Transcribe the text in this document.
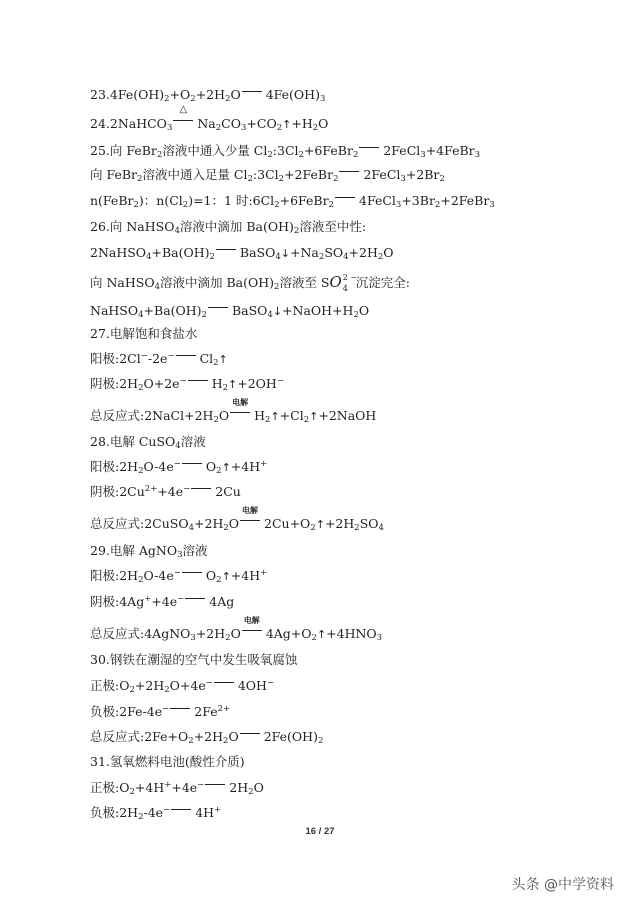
$23.4Fe(OH)_2+O_2+2H_2O$ $4Fe(OH)_3$
24.2NaHCO$_3$
△
$Na_2CO_3+CO_2↑+H_2O$
25.向 FeBr$_2$溶液中通入少量 $Cl_2:3Cl_2+6FeBr_2$ 2FeCl$_3$+4FeBr$_3$
向 FeBr$_2$溶液中通入足量 $Cl_2:3Cl_2+2FeBr_2$ $2FeCl_3+2Br_2$
n(FeBr$_2$)：$n(Cl_2)=1$：1 时$:6Cl_2+6FeBr_2$ $4FeCl_3+3Br_2+2FeBr_3$
26.向 NaHSO$_4$溶液中滴加 $Ba(OH)_2$溶液至中性:
$2NaHSO_4+Ba(OH)_2$ $BaSO_4↓+Na_2SO_4+2H_2O$
向 NaHSO$_4$溶液中滴加 $Ba(OH)_2$溶液至 SO 2 −
4 沉淀完全:
$NaHSO_4+Ba(OH)_2$ $BaSO_4↓+NaOH+H_2O$
27.电解饱和食盐水
阳极:2Cl−-2e− $Cl_2↑$
阴极$:2H_2O+2e^-$ $H_2↑+2OH^-$
总反应式$:2NaCl+2H_2O$
电解
$H_2↑+Cl_2↑+2NaOH$
28.电解 CuSO$_4$溶液
阳极$:2H_2O-4e^-$ $O_2↑+4H^+$
阴极$:2Cu^{2+}+4e^-$ 2Cu
总反应式$:2CuSO_4+2H_2O$
电解
$2Cu+O_2↑+2H_2SO_4$
29.电解 AgNO$_3$溶液
阳极$:2H_2O-4e^-$ $O_2↑+4H^+$
阴极:4Ag++4e− 4Ag
总反应式$:4AgNO_3+2H_2O$
电解
$4Ag+O_2↑+4HNO_3$
30.钢铁在潮湿的空气中发生吸氧腐蚀
正极$:O_2+2H_2O+4e^-$ 4OH−
负极:2Fe-4e− $2Fe^{2+}$
总反应式$:2Fe+O_2+2H_2O$ $2Fe(OH)_2$
31.氢氧燃料电池(酸性介质)
正极$:O_2+4H^++4e^-$ $2H_2O$
负极$:2H_2-4e^-$ 4H+
16 / 27
头条 @中学资料
